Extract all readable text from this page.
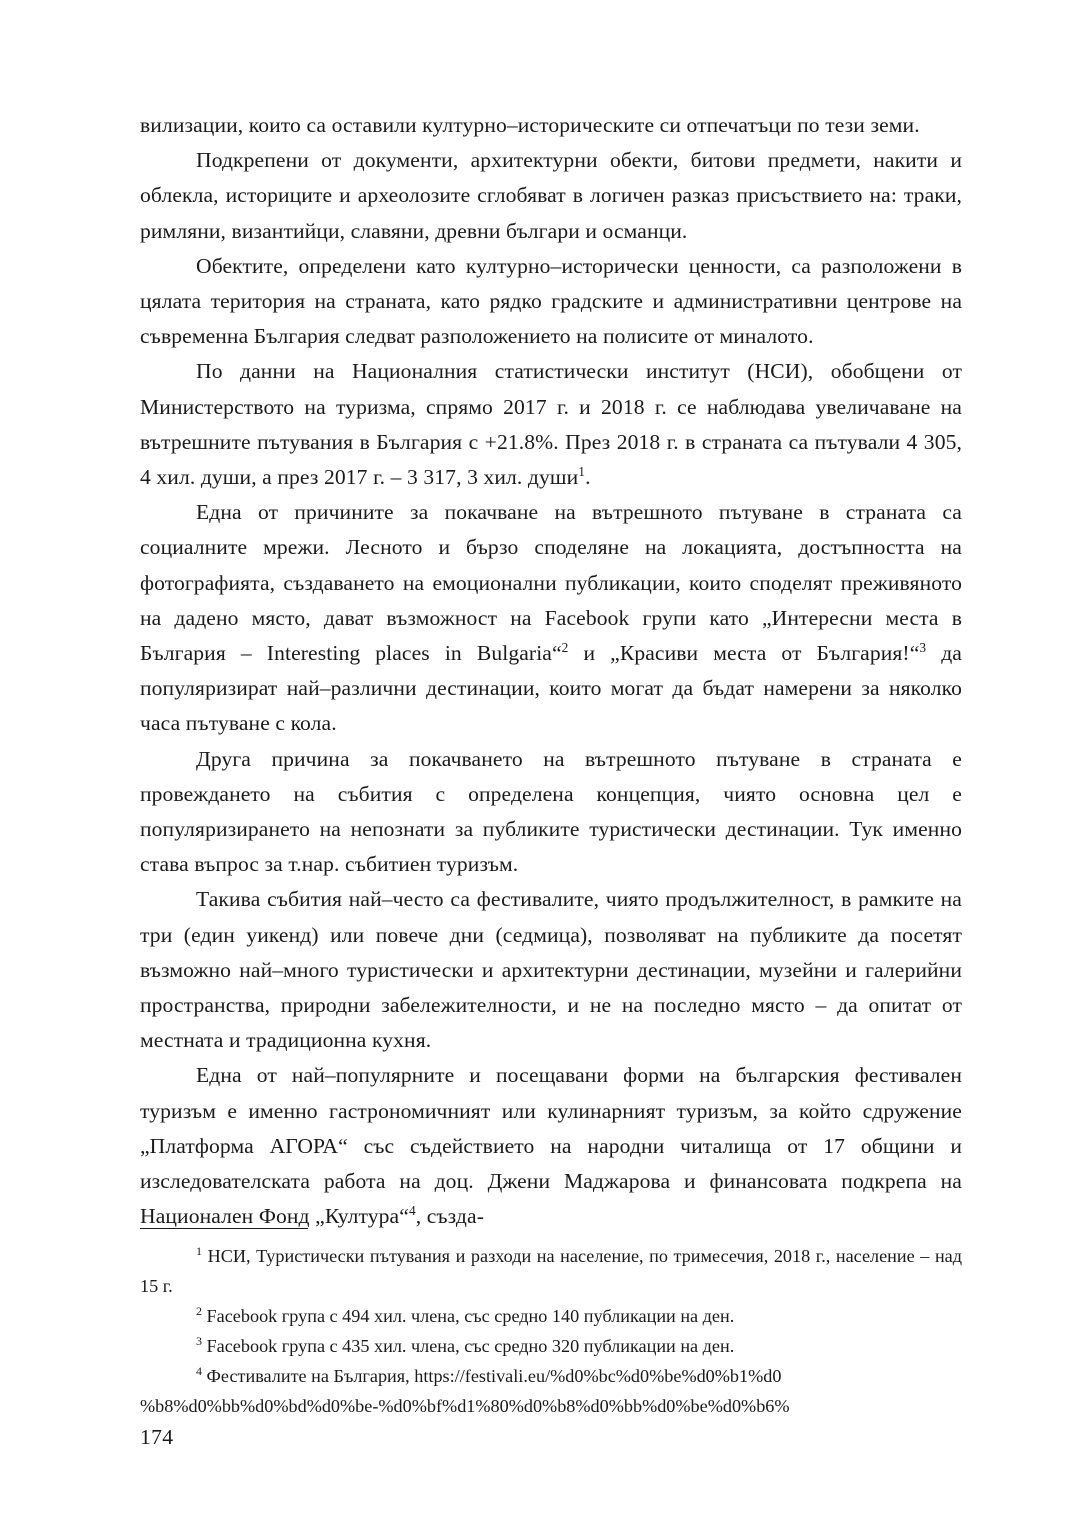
вилизации, които са оставили културно–историческите си отпечатъци по тези земи.

Подкрепени от документи, архитектурни обекти, битови предмети, накити и облекла, историците и археолозите сглобяват в логичен разказ присъствието на: траки, римляни, византийци, славяни, древни българи и османци.

Обектите, определени като културно–исторически ценности, са разположени в цялата територия на страната, като рядко градските и административни центрове на съвременна България следват разположението на полисите от миналото.

По данни на Националния статистически институт (НСИ), обобщени от Министерството на туризма, спрямо 2017 г. и 2018 г. се наблюдава увеличаване на вътрешните пътувания в България с +21.8%. През 2018 г. в страната са пътували 4 305, 4 хил. души, а през 2017 г. – 3 317, 3 хил. души$^1$.

Една от причините за покачване на вътрешното пътуване в страната са социалните мрежи. Лесното и бързо споделяне на локацията, достъпността на фотографията, създаването на емоционални публикации, които споделят преживяното на дадено място, дават възможност на Facebook групи като „Интересни места в България – Interesting places in Bulgaria“$^2$ и „Красиви места от България!“$^3$ да популяризират най–различни дестинации, които могат да бъдат намерени за няколко часа пътуване с кола.

Друга причина за покачването на вътрешното пътуване в страната е провеждането на събития с определена концепция, чиято основна цел е популяризирането на непознати за публиките туристически дестинации. Тук именно става въпрос за т.нар. събитиен туризъм.

Такива събития най–често са фестивалите, чиято продължителност, в рамките на три (един уикенд) или повече дни (седмица), позволяват на публиките да посетят възможно най–много туристически и архитектурни дестинации, музейни и галерийни пространства, природни забележителности, и не на последно място – да опитат от местната и традиционна кухня.

Една от най–популярните и посещавани форми на българския фестивален туризъм е именно гастрономичният или кулинарният туризъм, за който сдружение „Платформа АГОРА“ със съдействието на народни читалища от 17 общини и изследователската работа на доц. Джени Маджарова и финансовата подкрепа на Национален Фонд „Култура“$^4$, създа-

$^1$ НСИ, Туристически пътувания и разходи на население, по тримесечия, 2018 г., население – над 15 г.

$^2$ Facebook група с 494 хил. члена, със средно 140 публикации на ден.

$^3$ Facebook група с 435 хил. члена, със средно 320 публикации на ден.

$^4$ Фестивалите на България, https://festivali.eu/%d0%bc%d0%be%d0%b1%d0

%b8%d0%bb%d0%bd%d0%be-%d0%bf%d1%80%d0%b8%d0%bb%d0%be%d0%b6%

174
